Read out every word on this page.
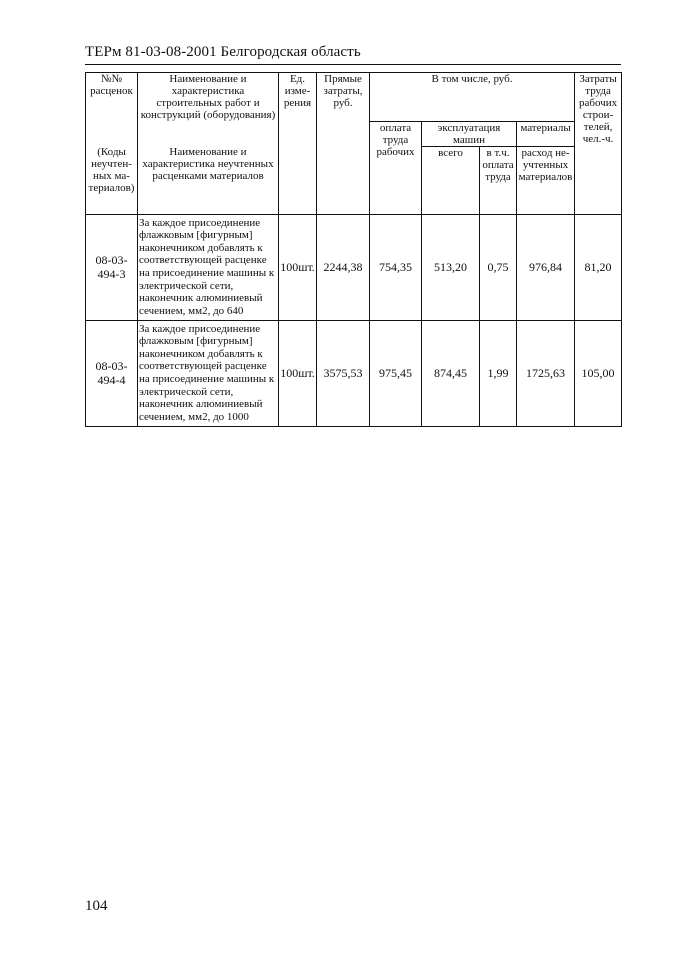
ТЕРм 81-03-08-2001 Белгородская область
№№ расценок	Наименование и характеристика строительных работ и конструкций (оборудования)	Ед. изме-рения	Прямые затраты, руб.	В том числе, руб.				Затраты труда рабочих строи-телей, чел.-ч.
				оплата труда рабочих	эксплуатация машин		материалы	
(Коды неучтен-ных ма-териалов)	Наименование и характеристика неучтенных расценками материалов				всего	в т.ч. оплата труда	расход не-учтенных материалов	
08-03-494-3	За каждое присоединение флажковым [фигурным] наконечником добавлять к соответствующей расценке на присоединение машины к электрической сети, наконечник алюминиевый сечением, мм2, до 640	100шт.	2244,38	754,35	513,20	0,75	976,84	81,20
08-03-494-4	За каждое присоединение флажковым [фигурным] наконечником добавлять к соответствующей расценке на присоединение машины к электрической сети, наконечник алюминиевый сечением, мм2, до 1000	100шт.	3575,53	975,45	874,45	1,99	1725,63	105,00
104
